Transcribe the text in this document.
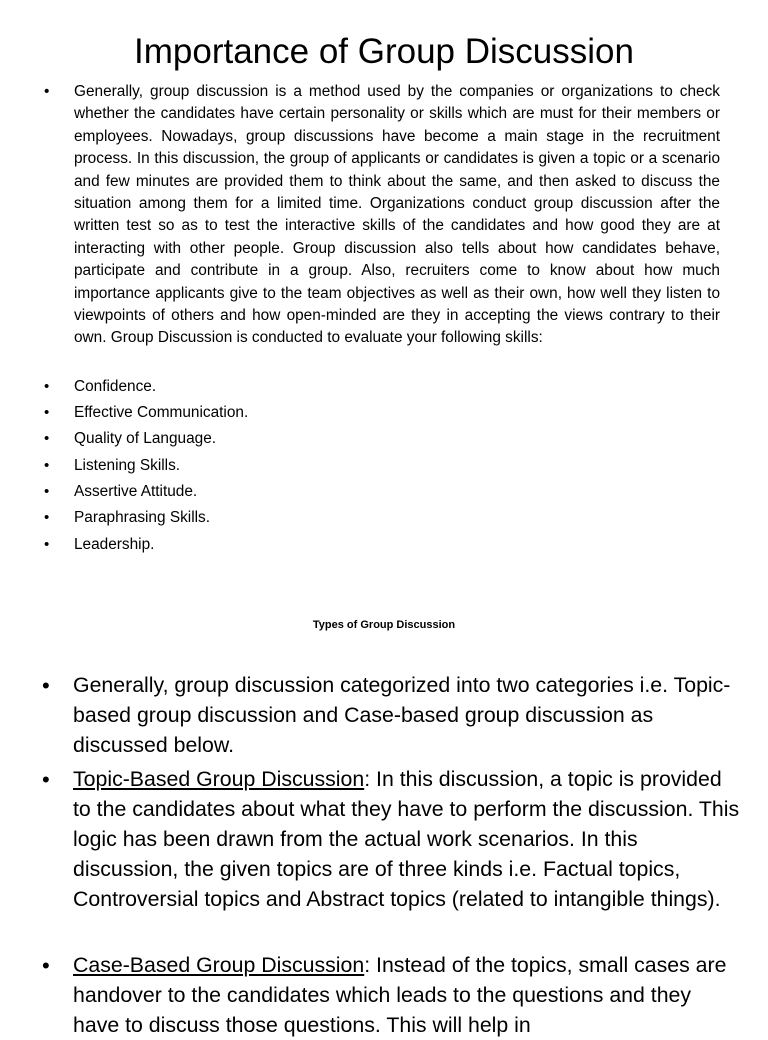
Importance of Group Discussion
• Generally, group discussion is a method used by the companies or organizations to check whether the candidates have certain personality or skills which are must for their members or employees. Nowadays, group discussions have become a main stage in the recruitment process. In this discussion, the group of applicants or candidates is given a topic or a scenario and few minutes are provided them to think about the same, and then asked to discuss the situation among them for a limited time. Organizations conduct group discussion after the written test so as to test the interactive skills of the candidates and how good they are at interacting with other people. Group discussion also tells about how candidates behave, participate and contribute in a group. Also, recruiters come to know about how much importance applicants give to the team objectives as well as their own, how well they listen to viewpoints of others and how open-minded are they in accepting the views contrary to their own. Group Discussion is conducted to evaluate your following skills:

• Confidence.

• Effective Communication.

• Quality of Language.

• Listening Skills.

• Assertive Attitude.

• Paraphrasing Skills.

• Leadership.

Types of Group Discussion

• Generally, group discussion categorized into two categories i.e. Topic-based group discussion and Case-based group discussion as discussed below.

• Topic-Based Group Discussion: In this discussion, a topic is provided to the candidates about what they have to perform the discussion. This logic has been drawn from the actual work scenarios. In this discussion, the given topics are of three kinds i.e. Factual topics, Controversial topics and Abstract topics (related to intangible things).

• Case-Based Group Discussion: Instead of the topics, small cases are handover to the candidates which leads to the questions and they have to discuss those questions. This will help in
